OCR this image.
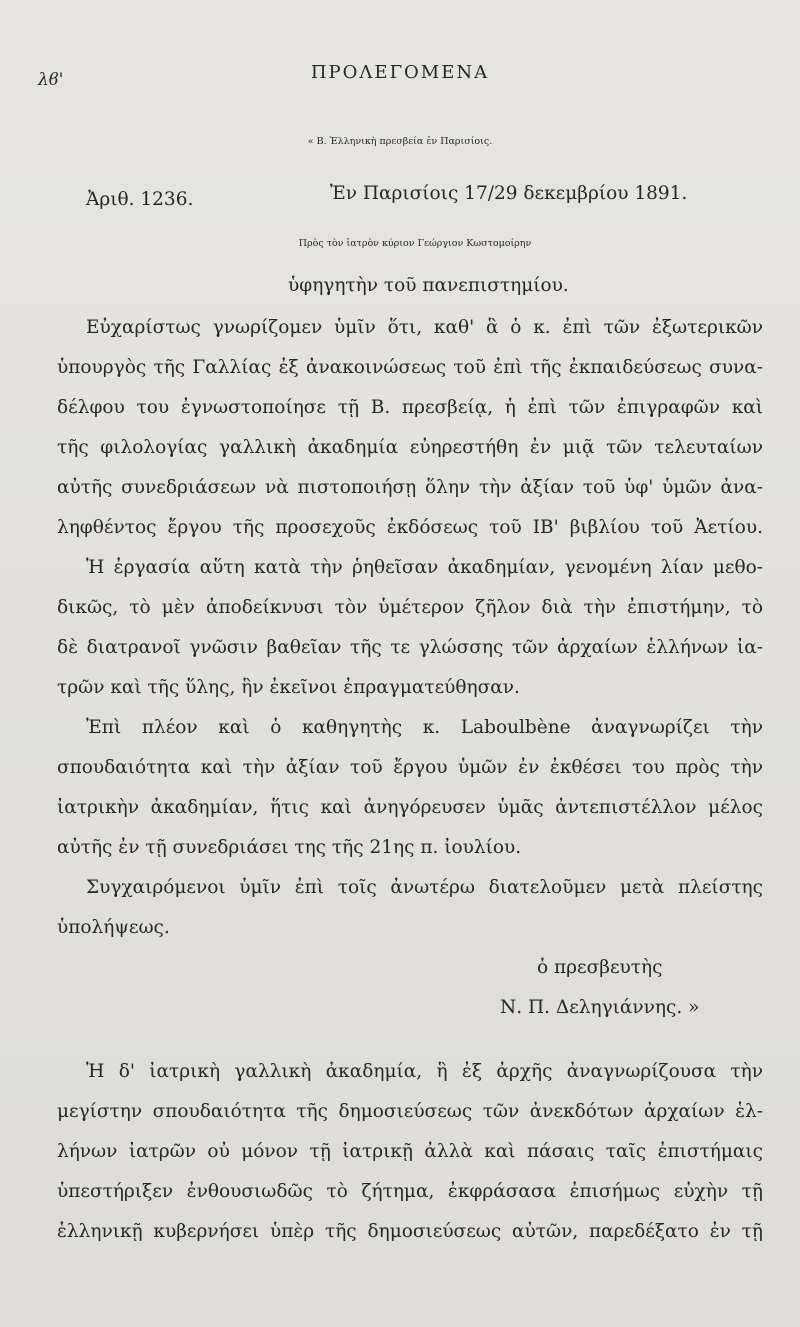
λϐ'	ΠΡΟΛΕΓΟΜΕΝΑ
« Β. Ἑλληνικὴ πρεσβεία ἐν Παρισίοις.
Ἀριθ. 1236.	Ἐν Παρισίοις 17/29 δεκεμβρίου 1891.
Πρὸς τὸν ἰατρὸν κύριον Γεώργιον Κωστομοίρην
ὑφηγητὴν τοῦ πανεπιστημίου.
Εὐχαρίστως γνωρίζομεν ὑμῖν ὅτι, καθ' ἃ ὁ κ. ἐπὶ τῶν ἐξωτερικῶν
ὑπουργὸς τῆς Γαλλίας ἐξ ἀνακοινώσεως τοῦ ἐπὶ τῆς ἐκπαιδεύσεως συνα-
δέλφου του ἐγνωστοποίησε τῇ Β. πρεσβείᾳ, ἡ ἐπὶ τῶν ἐπιγραφῶν καὶ
τῆς φιλολογίας γαλλικὴ ἀκαδημία εὐηρεστήθη ἐν μιᾷ τῶν τελευταίων
αὐτῆς συνεδριάσεων νὰ πιστοποιήσῃ ὅλην τὴν ἀξίαν τοῦ ὑφ' ὑμῶν ἀνα-
ληφθέντος ἔργου τῆς προσεχοῦς ἐκδόσεως τοῦ ΙΒ' βιβλίου τοῦ Ἀετίου.
Ἡ ἐργασία αὕτη κατὰ τὴν ῥηθεῖσαν ἀκαδημίαν, γενομένη λίαν μεθο-
δικῶς, τὸ μὲν ἀποδείκνυσι τὸν ὑμέτερον ζῆλον διὰ τὴν ἐπιστήμην, τὸ
δὲ διατρανοῖ γνῶσιν βαθεῖαν τῆς τε γλώσσης τῶν ἀρχαίων ἑλλήνων ἰα-
τρῶν καὶ τῆς ὕλης, ἣν ἐκεῖνοι ἐπραγματεύθησαν.
Ἐπὶ πλέον καὶ ὁ καθηγητὴς κ. Laboulbène ἀναγνωρίζει τὴν
σπουδαιότητα καὶ τὴν ἀξίαν τοῦ ἔργου ὑμῶν ἐν ἐκθέσει του πρὸς τὴν
ἰατρικὴν ἀκαδημίαν, ἥτις καὶ ἀνηγόρευσεν ὑμᾶς ἀντεπιστέλλον μέλος
αὐτῆς ἐν τῇ συνεδριάσει της τῆς 21ης π. ἰουλίου.
Συγχαιρόμενοι ὑμῖν ἐπὶ τοῖς ἀνωτέρω διατελοῦμεν μετὰ πλείστης
ὑπολήψεως.
ὁ πρεσβευτὴς
Ν. Π. Δεληγιάννης. »
Ἡ δ' ἰατρικὴ γαλλικὴ ἀκαδημία, ἣ ἐξ ἀρχῆς ἀναγνωρίζουσα τὴν
μεγίστην σπουδαιότητα τῆς δημοσιεύσεως τῶν ἀνεκδότων ἀρχαίων ἑλ-
λήνων ἰατρῶν οὐ μόνον τῇ ἰατρικῇ ἀλλὰ καὶ πάσαις ταῖς ἐπιστήμαις
ὑπεστήριξεν ἐνθουσιωδῶς τὸ ζήτημα, ἐκφράσασα ἐπισήμως εὐχὴν τῇ
ἑλληνικῇ κυβερνήσει ὑπὲρ τῆς δημοσιεύσεως αὐτῶν, παρεδέξατο ἐν τῇ
